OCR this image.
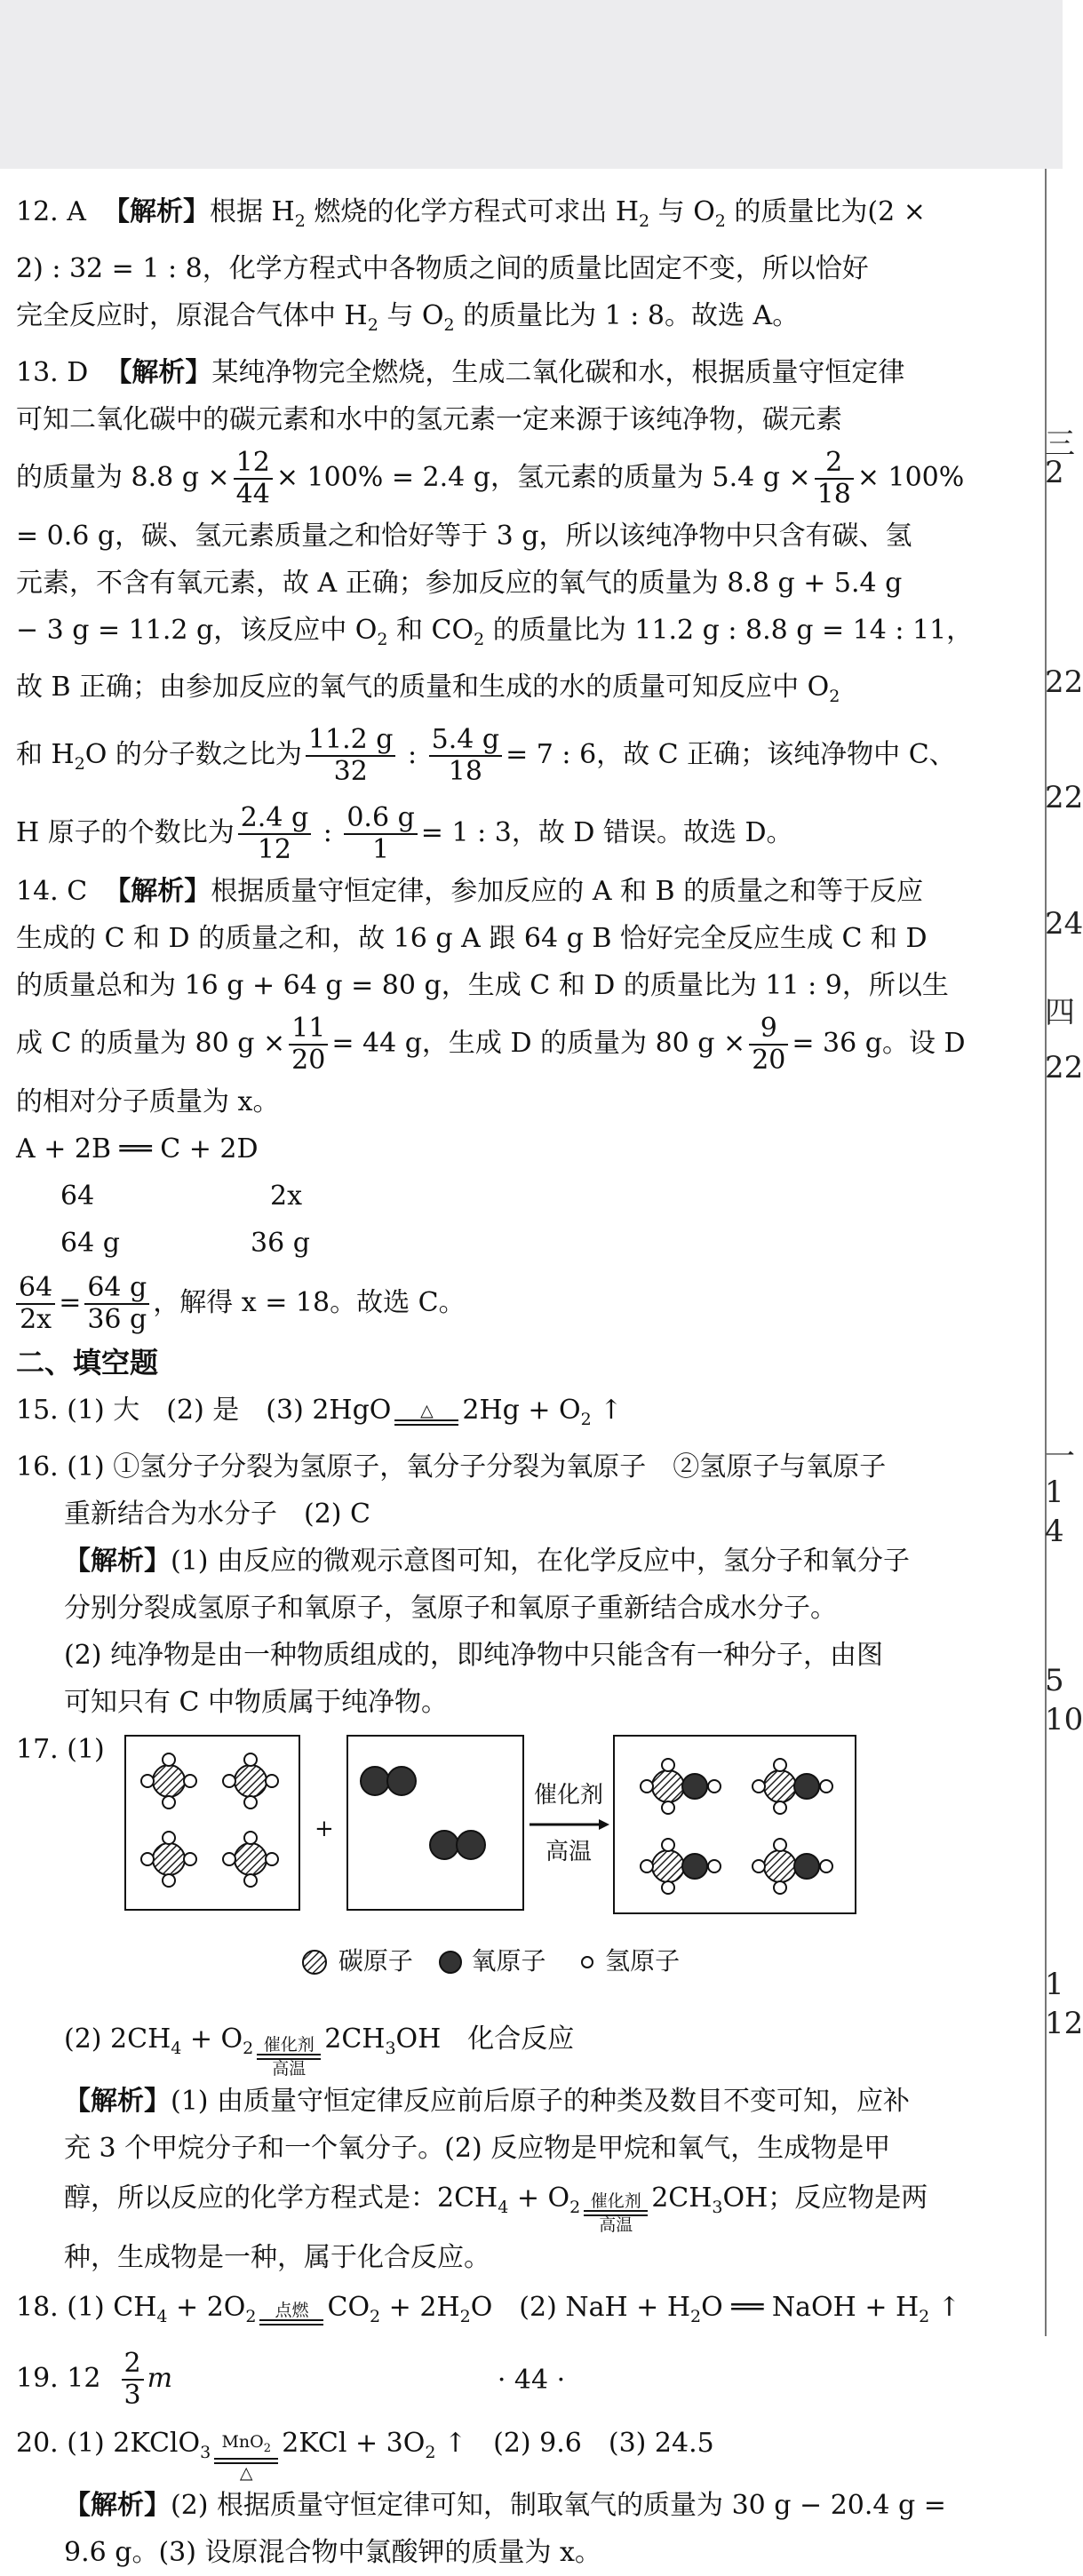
三
2
22
22
24
四
22
一
1
4
5
10
1
12
12. A 【解析】根据 $H_2$ 燃烧的化学方程式可求出 $H_2$ 与 $O_2$ 的质量比为(2 ×
2) : 32 = 1 : 8，化学方程式中各物质之间的质量比固定不变，所以恰好
完全反应时，原混合气体中 $H_2$ 与 $O_2$ 的质量比为 1 : 8。故选 A。
13. D 【解析】某纯净物完全燃烧，生成二氧化碳和水，根据质量守恒定律
可知二氧化碳中的碳元素和水中的氢元素一定来源于该纯净物，碳元素
的质量为 8.8 $g \times \frac{12}{44} \times 100\% = 2.4$ g，氢元素的质量为 5.4 $g \times \frac{2}{18} \times 100\%$
= 0.6 g，碳、氢元素质量之和恰好等于 3 g，所以该纯净物中只含有碳、氢
元素，不含有氧元素，故 A 正确；参加反应的氧气的质量为 8.8 g + 5.4 g
− 3 g = 11.2 g，该反应中 $O_2$ 和 $CO_2$ 的质量比为 11.2 g : 8.8 g = 14 : 11，
故 B 正确；由参加反应的氧气的质量和生成的水的质量可知反应中 $O_2$
和 $H_2O$ 的分子数之比为 $\frac{11.2 g}{32}$ : $\frac{5.4 g}{18} = 7$ : 6，故 C 正确；该纯净物中 C、
H 原子的个数比为 $\frac{2.4 g}{12}$ : $\frac{0.6 g}{1} = 1$ : 3，故 D 错误。故选 D。
14. C 【解析】根据质量守恒定律，参加反应的 A 和 B 的质量之和等于反应
生成的 C 和 D 的质量之和，故 16 g A 跟 64 g B 恰好完全反应生成 C 和 D
的质量总和为 16 g + 64 g = 80 g，生成 C 和 D 的质量比为 11 : 9，所以生
成 C 的质量为 80 $g \times \frac{11}{20} = 44$ g，生成 D 的质量为 80 $g \times \frac{9}{20} = 36$ g。设 D
的相对分子质量为 x。
A + 2B ══ C + 2D
64	2x
64 g	36 g
$\frac{64}{2x} = \frac{64 g}{36 g}$ ，解得 x = 18。故选 C。
二、填空题
15. (1) 大　(2) 是　(3) 2HgO	△
	$2Hg + O_2$ ↑
16. (1) ①氢分子分裂为氢原子，氧分子分裂为氧原子　②氢原子与氧原子
重新结合为水分子　(2) C
【解析】(1) 由反应的微观示意图可知，在化学反应中，氢分子和氧分子
分别分裂成氢原子和氧原子，氢原子和氧原子重新结合成水分子。
(2) 纯净物是由一种物质组成的，即纯净物中只能含有一种分子，由图
可知只有 C 中物质属于纯净物。
17. (1)
+
催化剂
高温
碳原子 氧原子 氢原子
(2) $2CH_4 + O_2$ 催化剂
高温
$2CH_3OH$　化合反应
【解析】(1) 由质量守恒定律反应前后原子的种类及数目不变可知，应补
充 3 个甲烷分子和一个氧分子。(2) 反应物是甲烷和氧气，生成物是甲
醇，所以反应的化学方程式是：$2CH_4 + O_2$ 催化剂
高温
$2CH_3OH$；反应物是两
种，生成物是一种，属于化合反应。
18. (1) $CH_4 + 2O_2$	点燃
$CO_2 + 2H_2O$　(2) NaH + $H_2O$ ══ NaOH + $H_2$ ↑
19. $12 \frac{2}{3}$ m
20. (1) 2KClO$_3$
MnO$_2$
△
$2KCl + 3O_2$ ↑　(2) 9.6　(3) 24.5
【解析】(2) 根据质量守恒定律可知，制取氧气的质量为 30 g − 20.4 g =
9.6 g。(3) 设原混合物中氯酸钾的质量为 x。
· 44 ·
